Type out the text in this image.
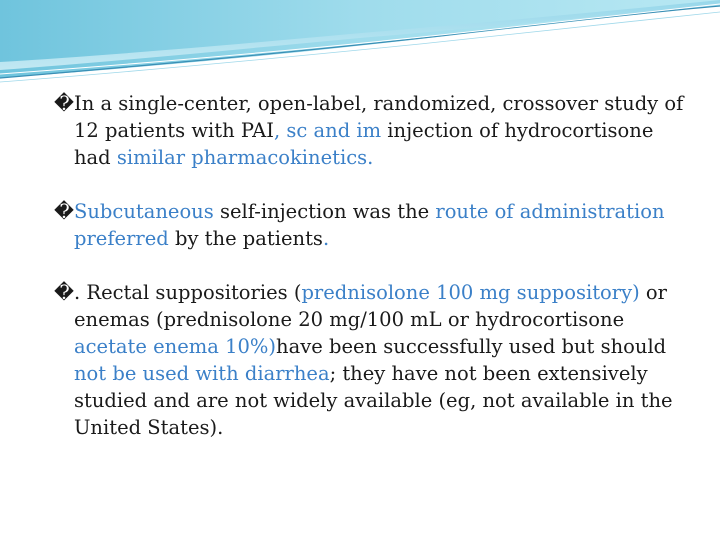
� In a single-center, open-label, randomized, crossover study of 12 patients with PAI, sc and im injection of hydrocortisone had similar pharmacokinetics.

� Subcutaneous self-injection was the route of administration preferred by the patients.

� . Rectal suppositories (prednisolone 100 mg suppository) or enemas (prednisolone 20 mg/100 mL or hydrocortisone acetate enema 10%)have been successfully used but should not be used with diarrhea; they have not been extensively studied and are not widely available (eg, not available in the United States).
